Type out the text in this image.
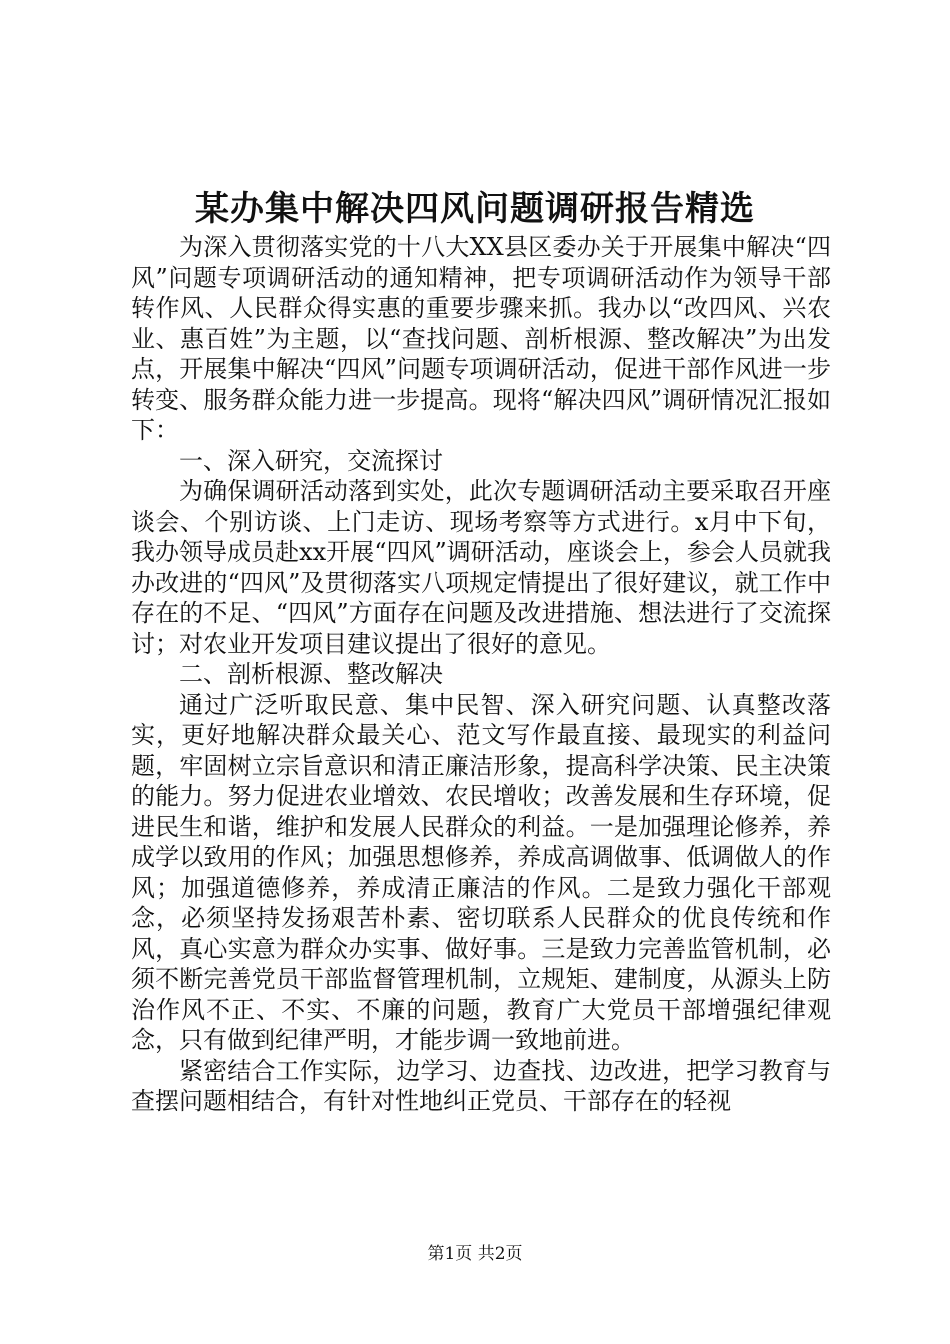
某办集中解决四风问题调研报告精选

为深入贯彻落实党的十八大XX县区委办关于开展集中解决“四风”问题专项调研活动的通知精神，把专项调研活动作为领导干部转作风、人民群众得实惠的重要步骤来抓。我办以“改四风、兴农业、惠百姓”为主题，以“查找问题、剖析根源、整改解决”为出发点，开展集中解决“四风”问题专项调研活动，促进干部作风进一步转变、服务群众能力进一步提高。现将“解决四风”调研情况汇报如下：

一、深入研究，交流探讨

为确保调研活动落到实处，此次专题调研活动主要采取召开座谈会、个别访谈、上门走访、现场考察等方式进行。x月中下旬，我办领导成员赴xx开展“四风”调研活动，座谈会上，参会人员就我办改进的“四风”及贯彻落实八项规定情提出了很好建议，就工作中存在的不足、“四风”方面存在问题及改进措施、想法进行了交流探讨；对农业开发项目建议提出了很好的意见。

二、剖析根源、整改解决

通过广泛听取民意、集中民智、深入研究问题、认真整改落实，更好地解决群众最关心、范文写作最直接、最现实的利益问题，牢固树立宗旨意识和清正廉洁形象，提高科学决策、民主决策的能力。努力促进农业增效、农民增收；改善发展和生存环境，促进民生和谐，维护和发展人民群众的利益。一是加强理论修养，养成学以致用的作风；加强思想修养，养成高调做事、低调做人的作风；加强道德修养，养成清正廉洁的作风。二是致力强化干部观念，必须坚持发扬艰苦朴素、密切联系人民群众的优良传统和作风，真心实意为群众办实事、做好事。三是致力完善监管机制，必须不断完善党员干部监督管理机制，立规矩、建制度，从源头上防治作风不正、不实、不廉的问题，教育广大党员干部增强纪律观念，只有做到纪律严明，才能步调一致地前进。

紧密结合工作实际，边学习、边查找、边改进，把学习教育与查摆问题相结合，有针对性地纠正党员、干部存在的轻视

第1页 共2页
